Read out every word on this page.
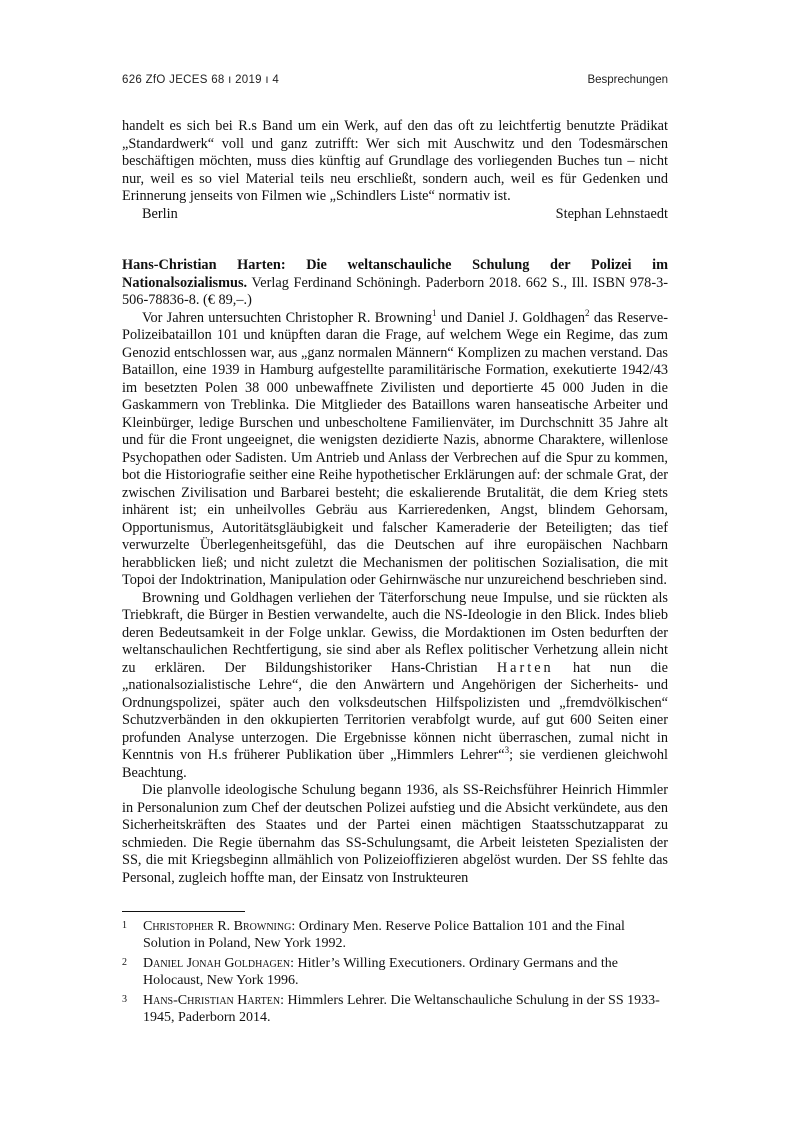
626 ZfO JECES 68 ı 2019 ı 4	Besprechungen

handelt es sich bei R.s Band um ein Werk, auf den das oft zu leichtfertig benutzte Prädikat „Standardwerk“ voll und ganz zutrifft: Wer sich mit Auschwitz und den Todesmärschen beschäftigen möchten, muss dies künftig auf Grundlage des vorliegenden Buches tun – nicht nur, weil es so viel Material teils neu erschließt, sondern auch, weil es für Gedenken und Erinnerung jenseits von Filmen wie „Schindlers Liste“ normativ ist.

Berlin	Stephan Lehnstaedt

Hans-Christian Harten: Die weltanschauliche Schulung der Polizei im Nationalsozialismus. Verlag Ferdinand Schöningh. Paderborn 2018. 662 S., Ill. ISBN 978-3-506-78836-8. (€ 89,–.)

Vor Jahren untersuchten Christopher R. Browning$^1$ und Daniel J. Goldhagen$^2$ das Reserve-Polizeibataillon 101 und knüpften daran die Frage, auf welchem Wege ein Regime, das zum Genozid entschlossen war, aus „ganz normalen Männern“ Komplizen zu machen verstand. Das Bataillon, eine 1939 in Hamburg aufgestellte paramilitärische Formation, exekutierte 1942/43 im besetzten Polen 38 000 unbewaffnete Zivilisten und deportierte 45 000 Juden in die Gaskammern von Treblinka. Die Mitglieder des Bataillons waren hanseatische Arbeiter und Kleinbürger, ledige Burschen und unbescholtene Familienväter, im Durchschnitt 35 Jahre alt und für die Front ungeeignet, die wenigsten dezidierte Nazis, abnorme Charaktere, willenlose Psychopathen oder Sadisten. Um Antrieb und Anlass der Verbrechen auf die Spur zu kommen, bot die Historiografie seither eine Reihe hypothetischer Erklärungen auf: der schmale Grat, der zwischen Zivilisation und Barbarei besteht; die eskalierende Brutalität, die dem Krieg stets inhärent ist; ein unheilvolles Gebräu aus Karrieredenken, Angst, blindem Gehorsam, Opportunismus, Autoritätsgläubigkeit und falscher Kameraderie der Beteiligten; das tief verwurzelte Überlegenheitsgefühl, das die Deutschen auf ihre europäischen Nachbarn herabblicken ließ; und nicht zuletzt die Mechanismen der politischen Sozialisation, die mit Topoi der Indoktrination, Manipulation oder Gehirnwäsche nur unzureichend beschrieben sind.

Browning und Goldhagen verliehen der Täterforschung neue Impulse, und sie rückten als Triebkraft, die Bürger in Bestien verwandelte, auch die NS-Ideologie in den Blick. Indes blieb deren Bedeutsamkeit in der Folge unklar. Gewiss, die Mordaktionen im Osten bedurften der weltanschaulichen Rechtfertigung, sie sind aber als Reflex politischer Verhetzung allein nicht zu erklären. Der Bildungshistoriker Hans-Christian Harten hat nun die „nationalsozialistische Lehre“, die den Anwärtern und Angehörigen der Sicherheits- und Ordnungspolizei, später auch den volksdeutschen Hilfspolizisten und „fremdvölkischen“ Schutzverbänden in den okkupierten Territorien verabfolgt wurde, auf gut 600 Seiten einer profunden Analyse unterzogen. Die Ergebnisse können nicht überraschen, zumal nicht in Kenntnis von H.s früherer Publikation über „Himmlers Lehrer“$^3$; sie verdienen gleichwohl Beachtung.

Die planvolle ideologische Schulung begann 1936, als SS-Reichsführer Heinrich Himmler in Personalunion zum Chef der deutschen Polizei aufstieg und die Absicht verkündete, aus den Sicherheitskräften des Staates und der Partei einen mächtigen Staatsschutzapparat zu schmieden. Die Regie übernahm das SS-Schulungsamt, die Arbeit leisteten Spezialisten der SS, die mit Kriegsbeginn allmählich von Polizeioffizieren abgelöst wurden. Der SS fehlte das Personal, zugleich hoffte man, der Einsatz von Instrukteuren

1 Christopher R. Browning: Ordinary Men. Reserve Police Battalion 101 and the Final Solution in Poland, New York 1992.
2 Daniel Jonah Goldhagen: Hitler’s Willing Executioners. Ordinary Germans and the Holocaust, New York 1996.
3 Hans-Christian Harten: Himmlers Lehrer. Die Weltanschauliche Schulung in der SS 1933-1945, Paderborn 2014.
